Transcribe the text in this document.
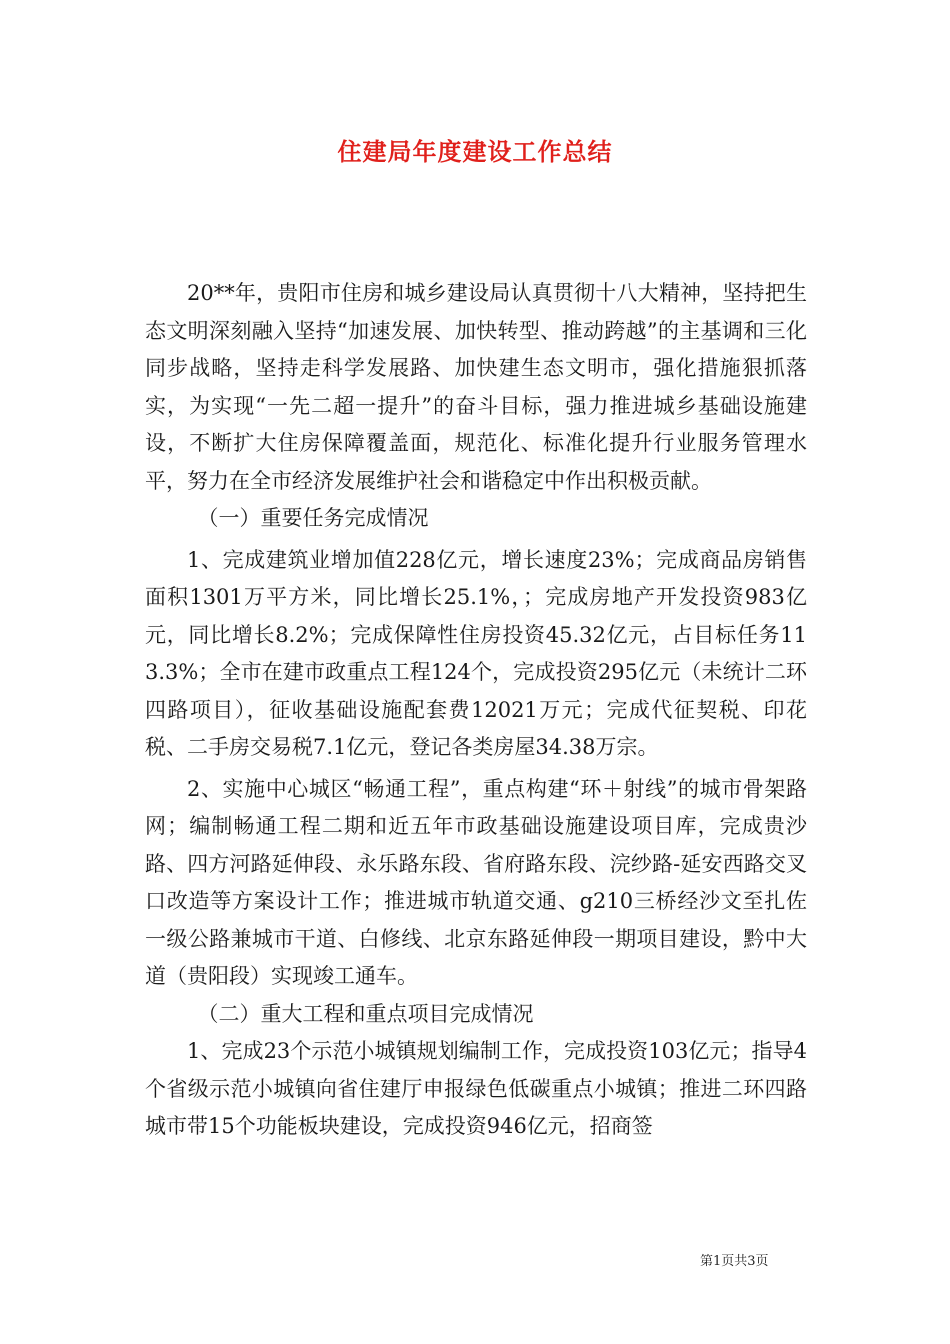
住建局年度建设工作总结

20**年，贵阳市住房和城乡建设局认真贯彻十八大精神，坚持把生态文明深刻融入坚持“加速发展、加快转型、推动跨越”的主基调和三化同步战略，坚持走科学发展路、加快建生态文明市，强化措施狠抓落实，为实现“一先二超一提升”的奋斗目标，强力推进城乡基础设施建设，不断扩大住房保障覆盖面，规范化、标准化提升行业服务管理水平，努力在全市经济发展维护社会和谐稳定中作出积极贡献。

（一）重要任务完成情况

1、完成建筑业增加值228亿元，增长速度23%；完成商品房销售面积1301万平方米，同比增长25.1%，；完成房地产开发投资983亿元，同比增长8.2%；完成保障性住房投资45.32亿元，占目标任务113.3%；全市在建市政重点工程124个，完成投资295亿元（未统计二环四路项目），征收基础设施配套费12021万元；完成代征契税、印花税、二手房交易税7.1亿元，登记各类房屋34.38万宗。

2、实施中心城区“畅通工程”，重点构建“环＋射线”的城市骨架路网；编制畅通工程二期和近五年市政基础设施建设项目库，完成贵沙路、四方河路延伸段、永乐路东段、省府路东段、浣纱路-延安西路交叉口改造等方案设计工作；推进城市轨道交通、g210三桥经沙文至扎佐一级公路兼城市干道、白修线、北京东路延伸段一期项目建设，黔中大道（贵阳段）实现竣工通车。

（二）重大工程和重点项目完成情况

1、完成23个示范小城镇规划编制工作，完成投资103亿元；指导4个省级示范小城镇向省住建厅申报绿色低碳重点小城镇；推进二环四路城市带15个功能板块建设，完成投资946亿元，招商签

第1页共3页
